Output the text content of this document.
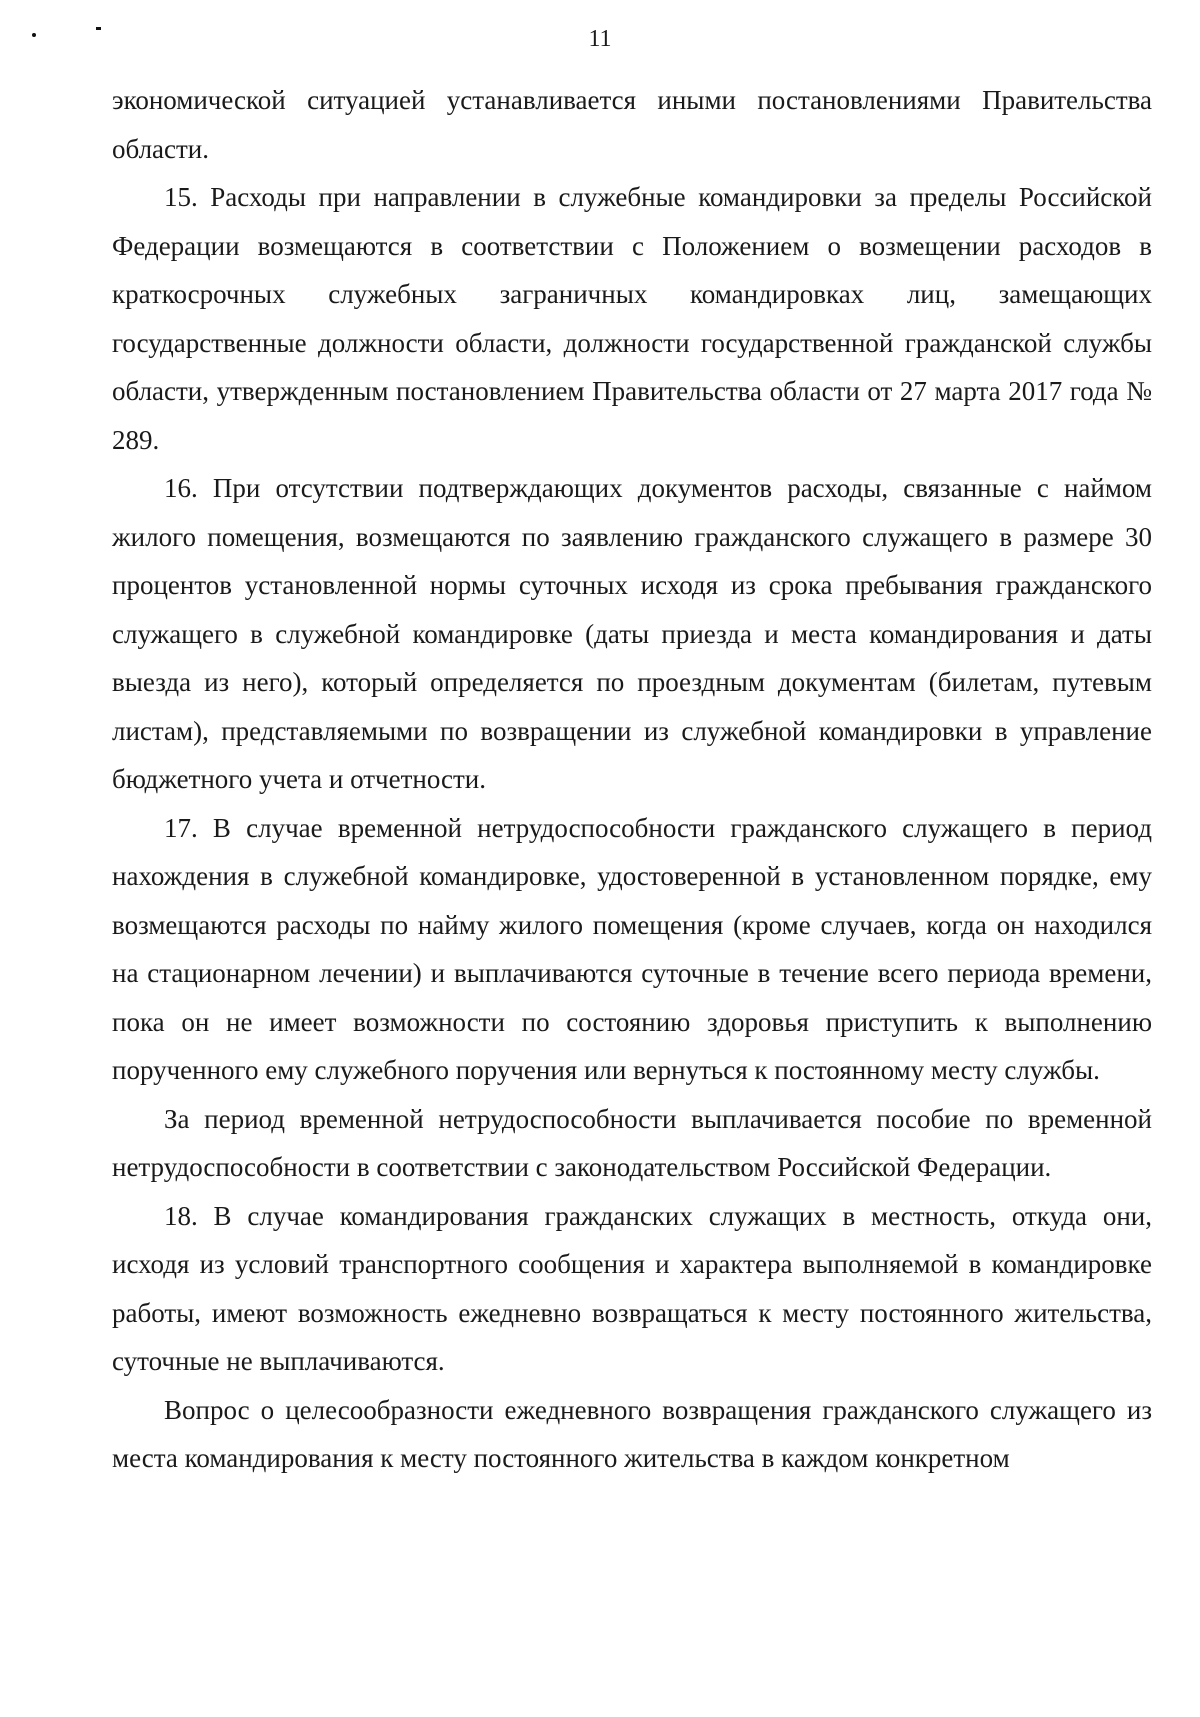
11

экономической ситуацией устанавливается иными постановлениями Правительства области.

15. Расходы при направлении в служебные командировки за пределы Российской Федерации возмещаются в соответствии с Положением о возмещении расходов в краткосрочных служебных заграничных командировках лиц, замещающих государственные должности области, должности государственной гражданской службы области, утвержденным постановлением Правительства области от 27 марта 2017 года № 289.

16. При отсутствии подтверждающих документов расходы, связанные с наймом жилого помещения, возмещаются по заявлению гражданского служащего в размере 30 процентов установленной нормы суточных исходя из срока пребывания гражданского служащего в служебной командировке (даты приезда и места командирования и даты выезда из него), который определяется по проездным документам (билетам, путевым листам), представляемыми по возвращении из служебной командировки в управление бюджетного учета и отчетности.

17. В случае временной нетрудоспособности гражданского служащего в период нахождения в служебной командировке, удостоверенной в установленном порядке, ему возмещаются расходы по найму жилого помещения (кроме случаев, когда он находился на стационарном лечении) и выплачиваются суточные в течение всего периода времени, пока он не имеет возможности по состоянию здоровья приступить к выполнению порученного ему служебного поручения или вернуться к постоянному месту службы.

За период временной нетрудоспособности выплачивается пособие по временной нетрудоспособности в соответствии с законодательством Российской Федерации.

18. В случае командирования гражданских служащих в местность, откуда они, исходя из условий транспортного сообщения и характера выполняемой в командировке работы, имеют возможность ежедневно возвращаться к месту постоянного жительства, суточные не выплачиваются.

Вопрос о целесообразности ежедневного возвращения гражданского служащего из места командирования к месту постоянного жительства в каждом конкретном
